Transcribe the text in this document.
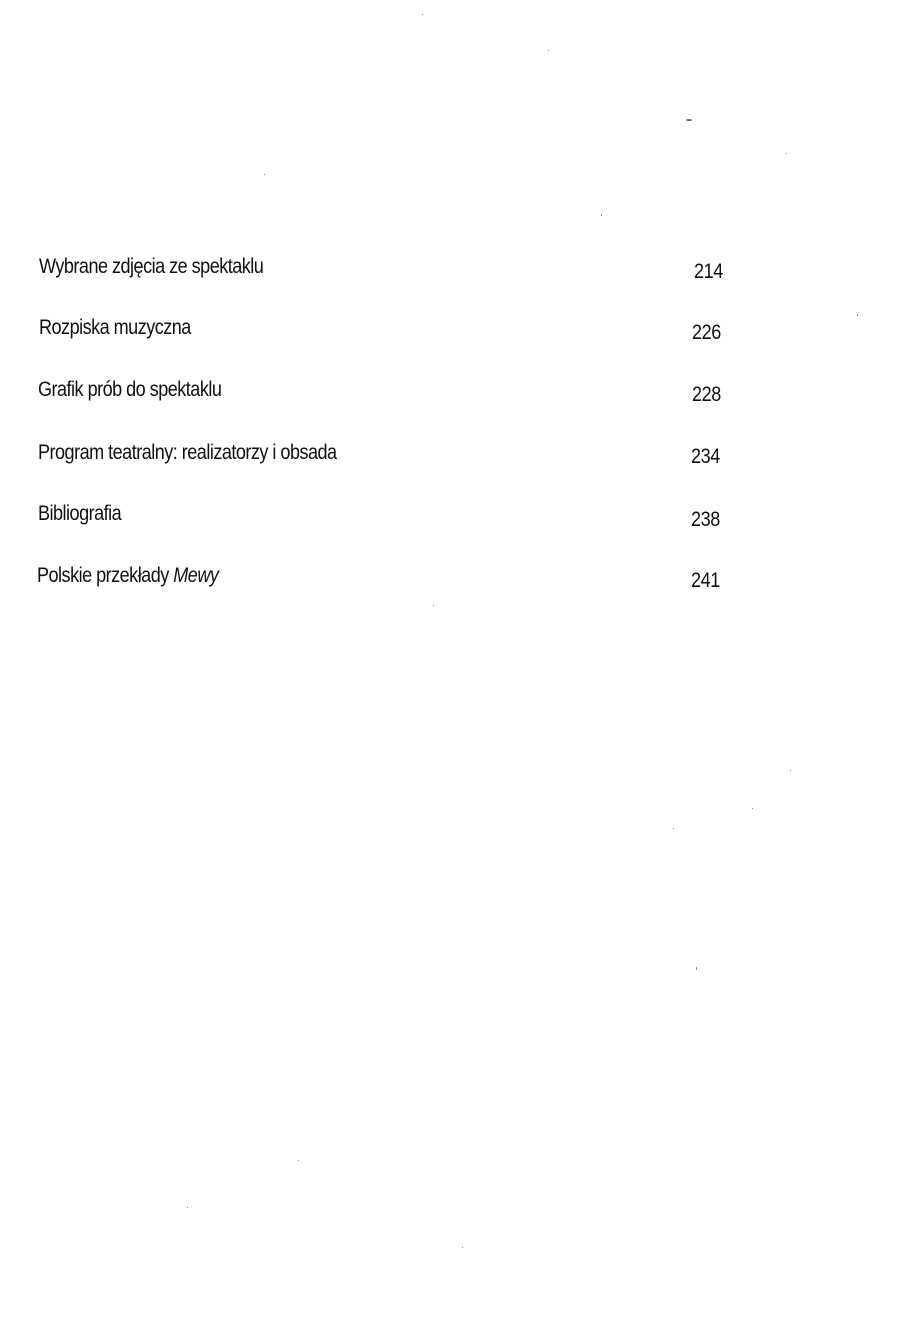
Wybrane zdjęcia ze spektaklu	214
Rozpiska muzyczna	226
Grafik prób do spektaklu	228
Program teatralny: realizatorzy i obsada	234
Bibliografia	238
Polskie przekłady Mewy	241
